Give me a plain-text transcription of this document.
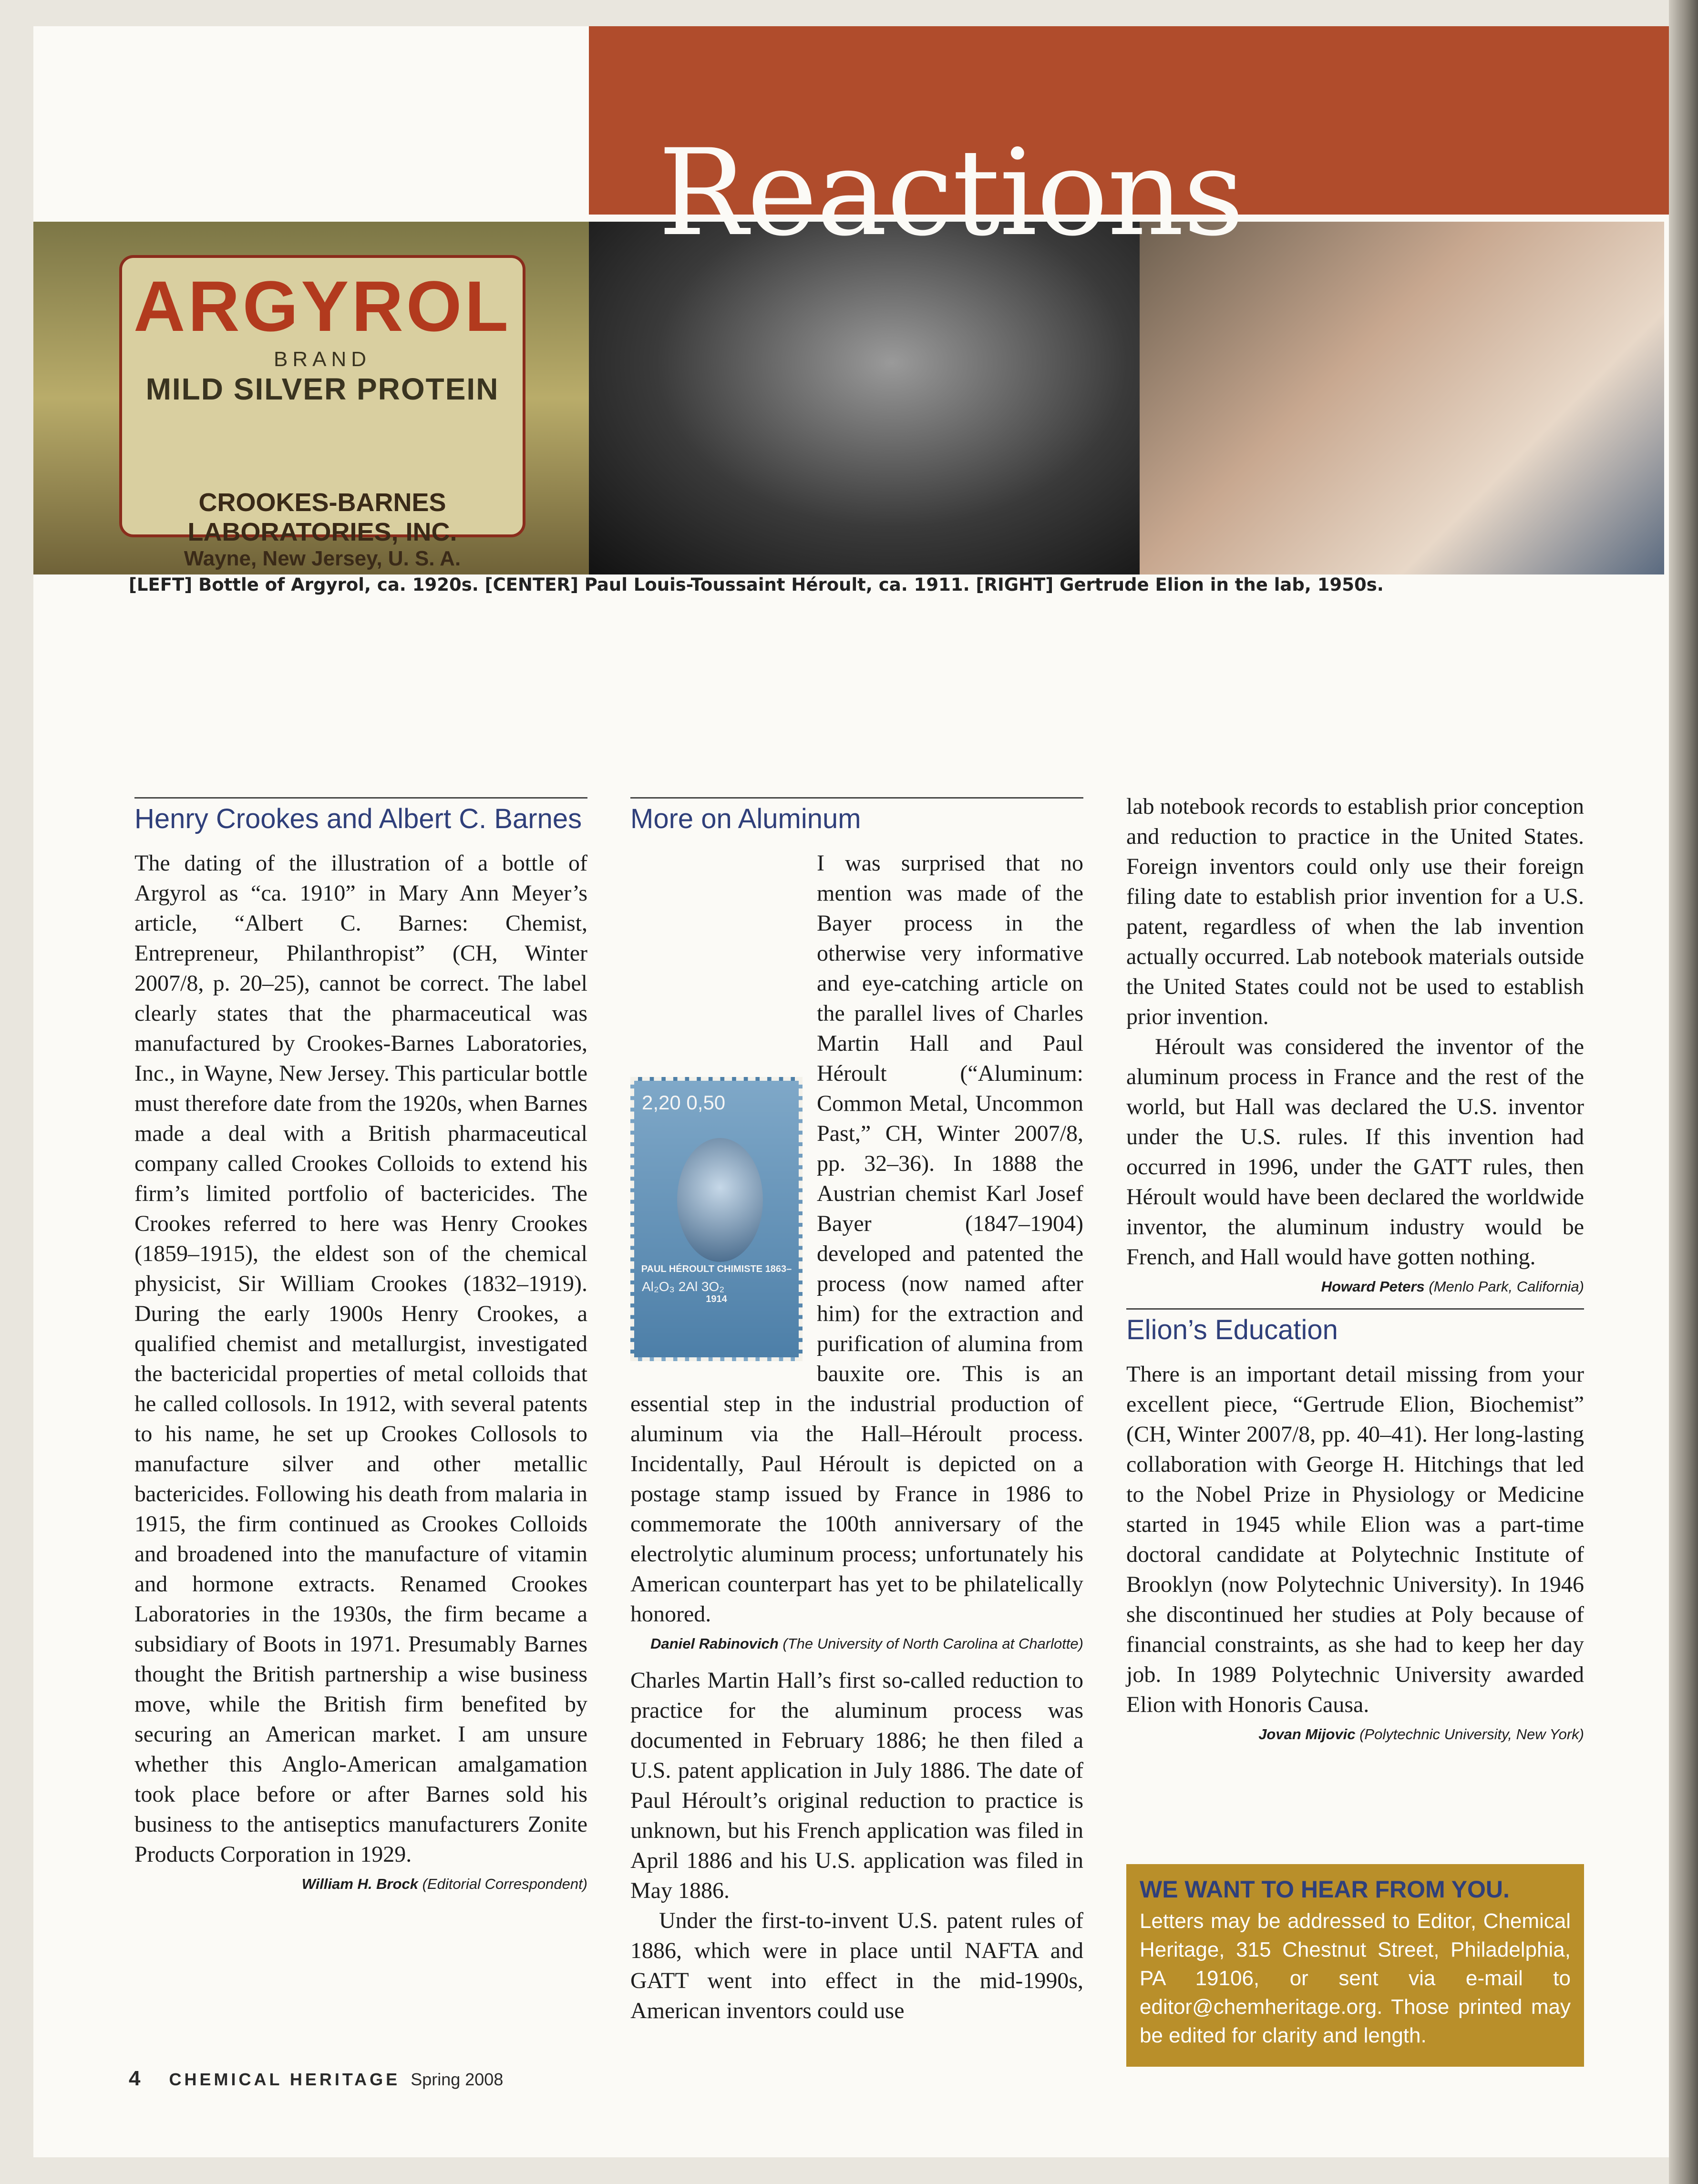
ARGYROL
BRAND
MILD SILVER PROTEIN
CROOKES-BARNES LABORATORIES, INC.
Wayne, New Jersey, U. S. A.
Reactions
[LEFT] Bottle of Argyrol, ca. 1920s. [CENTER] Paul Louis-Toussaint Héroult, ca. 1911. [RIGHT] Gertrude Elion in the lab, 1950s.
Henry Crookes and Albert C. Barnes

The dating of the illustration of a bottle of Argyrol as “ca. 1910” in Mary Ann Meyer’s article, “Albert C. Barnes: Chemist, Entrepreneur, Philanthropist” (CH, Winter 2007/8, p. 20–25), cannot be correct. The label clearly states that the pharmaceutical was manufactured by Crookes-Barnes Laboratories, Inc., in Wayne, New Jersey. This particular bottle must therefore date from the 1920s, when Barnes made a deal with a British pharmaceutical company called Crookes Colloids to extend his firm’s limited portfolio of bactericides. The Crookes referred to here was Henry Crookes (1859–1915), the eldest son of the chemical physicist, Sir William Crookes (1832–1919). During the early 1900s Henry Crookes, a qualified chemist and metallurgist, investigated the bactericidal properties of metal colloids that he called collosols. In 1912, with several patents to his name, he set up Crookes Collosols to manufacture silver and other metallic bactericides. Following his death from malaria in 1915, the firm continued as Crookes Colloids and broadened into the manufacture of vitamin and hormone extracts. Renamed Crookes Laboratories in the 1930s, the firm became a subsidiary of Boots in 1971. Presumably Barnes thought the British partnership a wise business move, while the British firm benefited by securing an American market. I am unsure whether this Anglo-American amalgamation took place before or after Barnes sold his business to the antiseptics manufacturers Zonite Products Corporation in 1929.

William H. Brock (Editorial Correspondent)
More on Aluminum
2,20 0,50
Al₂O₃ 2Al 3O₂
PAUL HÉROULT CHIMISTE 1863–1914

I was surprised that no mention was made of the Bayer process in the otherwise very informative and eye-catching article on the parallel lives of Charles Martin Hall and Paul Héroult (“Aluminum: Common Metal, Uncommon Past,” CH, Winter 2007/8, pp. 32–36). In 1888 the Austrian chemist Karl Josef Bayer (1847–1904) developed and patented the process (now named after him) for the extraction and purification of alumina from bauxite ore. This is an essential step in the industrial production of aluminum via the Hall–Héroult process. Incidentally, Paul Héroult is depicted on a postage stamp issued by France in 1986 to commemorate the 100th anniversary of the electrolytic aluminum process; unfortunately his American counterpart has yet to be philatelically honored.

Daniel Rabinovich (The University of North Carolina at Charlotte)

Charles Martin Hall’s first so-called reduction to practice for the aluminum process was documented in February 1886; he then filed a U.S. patent application in July 1886. The date of Paul Héroult’s original reduction to practice is unknown, but his French application was filed in April 1886 and his U.S. application was filed in May 1886.

Under the first-to-invent U.S. patent rules of 1886, which were in place until NAFTA and GATT went into effect in the mid-1990s, American inventors could use

lab notebook records to establish prior conception and reduction to practice in the United States. Foreign inventors could only use their foreign filing date to establish prior invention for a U.S. patent, regardless of when the lab invention actually occurred. Lab notebook materials outside the United States could not be used to establish prior invention.

Héroult was considered the inventor of the aluminum process in France and the rest of the world, but Hall was declared the U.S. inventor under the U.S. rules. If this invention had occurred in 1996, under the GATT rules, then Héroult would have been declared the worldwide inventor, the aluminum industry would be French, and Hall would have gotten nothing.

Howard Peters (Menlo Park, California)
Elion’s Education

There is an important detail missing from your excellent piece, “Gertrude Elion, Biochemist” (CH, Winter 2007/8, pp. 40–41). Her long-lasting collaboration with George H. Hitchings that led to the Nobel Prize in Physiology or Medicine started in 1945 while Elion was a part-time doctoral candidate at Polytechnic Institute of Brooklyn (now Polytechnic University). In 1946 she discontinued her studies at Poly because of financial constraints, as she had to keep her day job. In 1989 Polytechnic University awarded Elion with Honoris Causa.

Jovan Mijovic (Polytechnic University, New York)
WE WANT TO HEAR FROM YOU.
Letters may be addressed to Editor, Chemical Heritage, 315 Chestnut Street, Philadelphia, PA 19106, or sent via e-mail to editor@chemheritage.org. Those printed may be edited for clarity and length.
4 CHEMICAL HERITAGE Spring 2008
